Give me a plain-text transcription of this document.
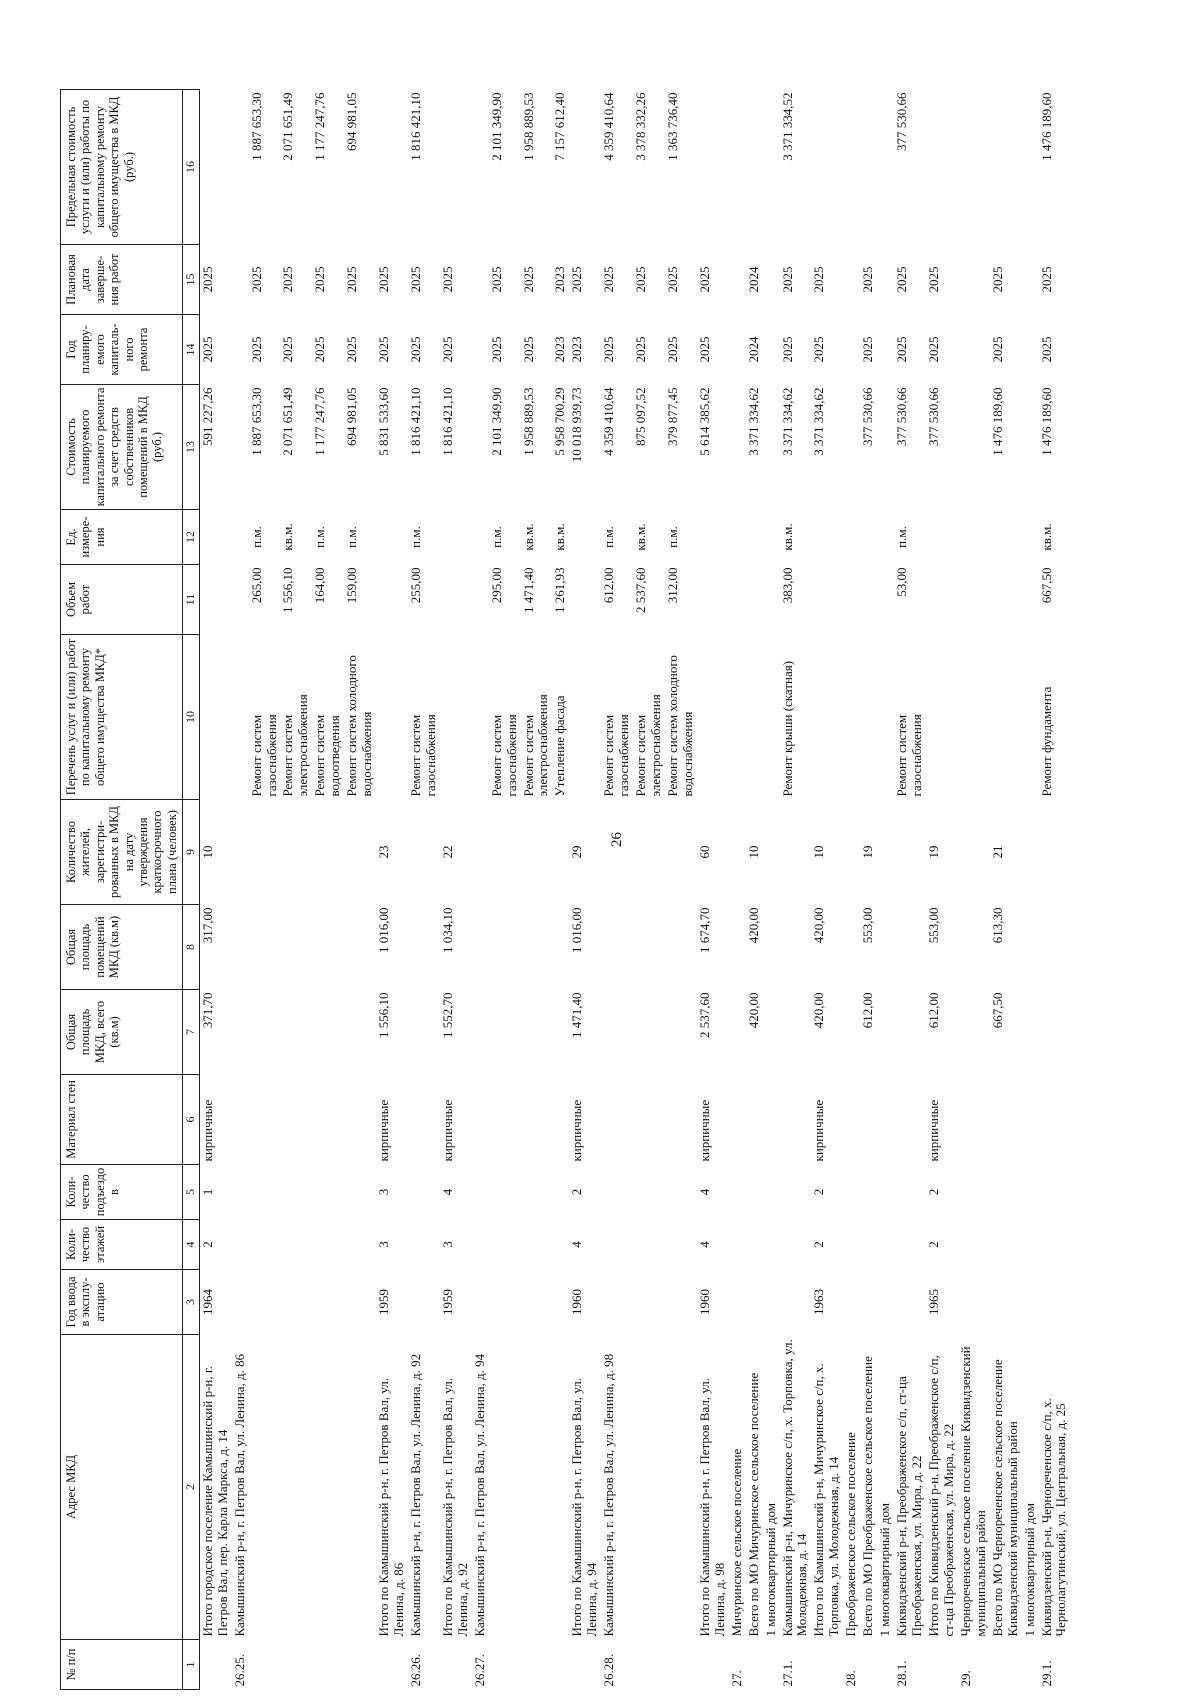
26
№ п/п	Адрес МКД	Год ввода в эксплу-атацию	Коли-чество этажей	Коли-чество подъездо в	Материал стен	Общая площадь МКД, всего (кв.м)	Общая площадь помещений МКД (кв.м)	Количество жителей, зарегистри-рованных в МКД на дату утверждения краткосрочного плана (человек)	Перечень услуг и (или) работ по капитальному ремонту общего имущества МКД*	Объем работ	Ед. измере-ния	Стоимость планируемого капитального ремонта за счет средств собственников помещений в МКД (руб.)	Год планиру-емого капиталь-ного ремонта	Плановая дата заверше-ния работ	Предельная стоимость услуги и (или) работы по капитальному ремонту общего имущества в МКД (руб.)
1	2	3	4	5	6	7	8	9	10	11	12	13	14	15	16
	Итого городское поселение Камышинский р-н, г. Петров Вал, пер. Карла Маркса, д. 14	1964	2	1	кирпичные	371,70	317,00	10				591 227,26	2025	2025	
26.25.	Камышинский р-н, г. Петров Вал, ул. Ленина, д. 86														
									Ремонт систем газоснабжения	265,00	п.м.	1 887 653,30	2025	2025	1 887 653,30
									Ремонт систем электроснабжения	1 556,10	кв.м.	2 071 651,49	2025	2025	2 071 651,49
									Ремонт систем водоотведения	164,00	п.м.	1 177 247,76	2025	2025	1 177 247,76
									Ремонт систем холодного водоснабжения	159,00	п.м.	694 981,05	2025	2025	694 981,05
	Итого по Камышинский р-н, г. Петров Вал, ул. Ленина, д. 86	1959	3	3	кирпичные	1 556,10	1 016,00	23				5 831 533,60	2025	2025	
26.26.	Камышинский р-н, г. Петров Вал, ул. Ленина, д. 92								Ремонт систем газоснабжения	255,00	п.м.	1 816 421,10	2025	2025	1 816 421,10
	Итого по Камышинский р-н, г. Петров Вал, ул. Ленина, д. 92	1959	3	4	кирпичные	1 552,70	1 034,10	22				1 816 421,10	2025	2025	
26.27.	Камышинский р-н, г. Петров Вал, ул. Ленина, д. 94														
									Ремонт систем газоснабжения	295,00	п.м.	2 101 349,90	2025	2025	2 101 349,90
									Ремонт систем электроснабжения	1 471,40	кв.м.	1 958 889,53	2025	2025	1 958 889,53
									Утепление фасада	1 261,93	кв.м.	5 958 700,29	2023	2023	7 157 612,40
	Итого по Камышинский р-н, г. Петров Вал, ул. Ленина, д. 94	1960	4	2	кирпичные	1 471,40	1 016,00	29				10 018 939,73	2023	2025	
26.28.	Камышинский р-н, г. Петров Вал, ул. Ленина, д. 98								Ремонт систем газоснабжения	612,00	п.м.	4 359 410,64	2025	2025	4 359 410,64
									Ремонт систем электроснабжения	2 537,60	кв.м.	875 097,52	2025	2025	3 378 332,26
									Ремонт систем холодного водоснабжения	312,00	п.м.	379 877,45	2025	2025	1 363 736,40
	Итого по Камышинский р-н, г. Петров Вал, ул. Ленина, д. 98	1960	4	4	кирпичные	2 537,60	1 674,70	60				5 614 385,62	2025	2025	
27.	Мичуринское сельское поселение														
	Всего по МО Мичуринское сельское поселение					420,00	420,00	10				3 371 334,62	2024	2024	
	1 многоквартирный дом														
27.1.	Камышинский р-н, Мичуринское с/п, х. Торповка, ул. Молодежная, д. 14								Ремонт крыши (скатная)	383,00	кв.м.	3 371 334,62	2025	2025	3 371 334,52
	Итого по Камышинский р-н, Мичуринское с/п, х. Торповка, ул. Молодежная, д. 14	1963	2	2	кирпичные	420,00	420,00	10				3 371 334,62	2025	2025	
28.	Преображенское сельское поселение														
	Всего по МО Преображенское сельское поселение					612,00	553,00	19				377 530,66	2025	2025	
	1 многоквартирный дом														
28.1.	Киквидзенский р-н, Преображенское с/п, ст-ца Преображенская, ул. Мира, д. 22								Ремонт систем газоснабжения	53,00	п.м.	377 530,66	2025	2025	377 530,66
	Итого по Киквидзенский р-н, Преображенское с/п, ст-ца Преображенская, ул. Мира, д. 22	1965	2	2	кирпичные	612,00	553,00	19				377 530,66	2025	2025	
29.	Чернореченское сельское поселение Киквидзенский муниципальный район														
	Всего по МО Чернореченское сельское поселение Киквидзенский муниципальный район					667,50	613,30	21				1 476 189,60	2025	2025	
	1 многоквартирный дом														
29.1.	Киквидзенский р-н, Чернореченское с/п, х. Чернолагутинский, ул. Центральная, д. 25								Ремонт фундамента	667,50	кв.м.	1 476 189,60	2025	2025	1 476 189,60
